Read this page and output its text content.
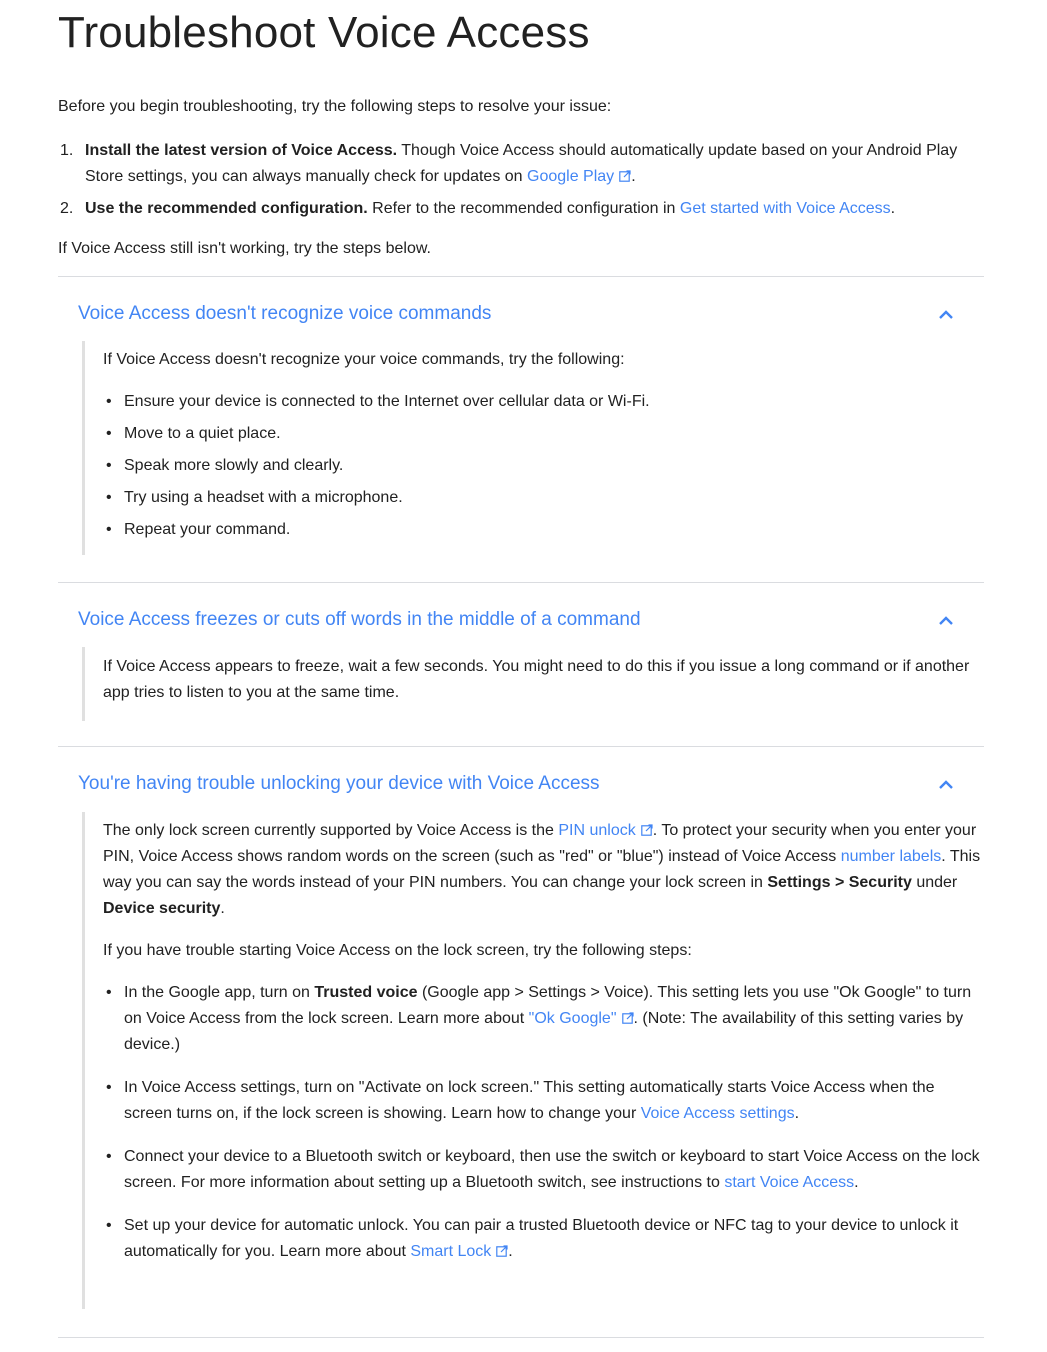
Troubleshoot Voice Access
Before you begin troubleshooting, try the following steps to resolve your issue:
1. Install the latest version of Voice Access. Though Voice Access should automatically update based on your Android Play Store settings, you can always manually check for updates on Google Play .
2. Use the recommended configuration. Refer to the recommended configuration in Get started with Voice Access.
If Voice Access still isn't working, try the steps below.
Voice Access doesn't recognize voice commands

If Voice Access doesn't recognize your voice commands, try the following:

• Ensure your device is connected to the Internet over cellular data or Wi-Fi.
• Move to a quiet place.
• Speak more slowly and clearly.
• Try using a headset with a microphone.
• Repeat your command.
Voice Access freezes or cuts off words in the middle of a command

If Voice Access appears to freeze, wait a few seconds. You might need to do this if you issue a long command or if another app tries to listen to you at the same time.

You're having trouble unlocking your device with Voice Access

The only lock screen currently supported by Voice Access is the PIN unlock . To protect your security when you enter your PIN, Voice Access shows random words on the screen (such as "red" or "blue") instead of Voice Access number labels. This way you can say the words instead of your PIN numbers. You can change your lock screen in Settings > Security under Device security.

If you have trouble starting Voice Access on the lock screen, try the following steps:

• In the Google app, turn on Trusted voice (Google app > Settings > Voice). This setting lets you use "Ok Google" to turn on Voice Access from the lock screen. Learn more about "Ok Google" . (Note: The availability of this setting varies by device.)
• In Voice Access settings, turn on "Activate on lock screen." This setting automatically starts Voice Access when the screen turns on, if the lock screen is showing. Learn how to change your Voice Access settings.
• Connect your device to a Bluetooth switch or keyboard, then use the switch or keyboard to start Voice Access on the lock screen. For more information about setting up a Bluetooth switch, see instructions to start Voice Access.
• Set up your device for automatic unlock. You can pair a trusted Bluetooth device or NFC tag to your device to unlock it automatically for you. Learn more about Smart Lock .
